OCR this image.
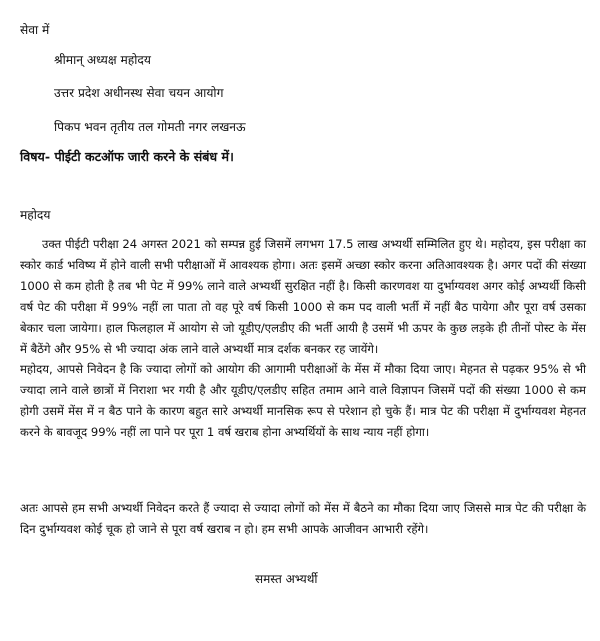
सेवा में
श्रीमान् अध्यक्ष महोदय
उत्तर प्रदेश अधीनस्थ सेवा चयन आयोग
पिकप भवन तृतीय तल गोमती नगर लखनऊ
विषय- पीईटी कटऑफ जारी करने के संबंध में।
महोदय

उक्त पीईटी परीक्षा 24 अगस्त 2021 को सम्पन्न हुई जिसमें लगभग 17.5 लाख अभ्यर्थी सम्मिलित हुए थे। महोदय, इस परीक्षा का स्कोर कार्ड भविष्य में होने वाली सभी परीक्षाओं में आवश्यक होगा। अतः इसमें अच्छा स्कोर करना अतिआवश्यक है। अगर पदों की संख्या 1000 से कम होती है तब भी पेट में 99% लाने वाले अभ्यर्थी सुरक्षित नहीं है। किसी कारणवश या दुर्भाग्यवश अगर कोई अभ्यर्थी किसी वर्ष पेट की परीक्षा में 99% नहीं ला पाता तो वह पूरे वर्ष किसी 1000 से कम पद वाली भर्ती में नहीं बैठ पायेगा और पूरा वर्ष उसका बेकार चला जायेगा। हाल फिलहाल में आयोग से जो यूडीए/एलडीए की भर्ती आयी है उसमें भी ऊपर के कुछ लड़के ही तीनों पोस्ट के मेंस में बैठेंगे और 95% से भी ज्यादा अंक लाने वाले अभ्यर्थी मात्र दर्शक बनकर रह जायेंगे।

महोदय, आपसे निवेदन है कि ज्यादा लोगों को आयोग की आगामी परीक्षाओं के मेंस में मौका दिया जाए। मेहनत से पढ़कर 95% से भी ज्यादा लाने वाले छात्रों में निराशा भर गयी है और यूडीए/एलडीए सहित तमाम आने वाले विज्ञापन जिसमें पदों की संख्या 1000 से कम होगी उसमें मेंस में न बैठ पाने के कारण बहुत सारे अभ्यर्थी मानसिक रूप से परेशान हो चुके हैं। मात्र पेट की परीक्षा में दुर्भाग्यवश मेहनत करने के बावजूद 99% नहीं ला पाने पर पूरा 1 वर्ष खराब होना अभ्यर्थियों के साथ न्याय नहीं होगा।

अतः आपसे हम सभी अभ्यर्थी निवेदन करते हैं ज्यादा से ज्यादा लोगों को मेंस में बैठने का मौका दिया जाए जिससे मात्र पेट की परीक्षा के दिन दुर्भाग्यवश कोई चूक हो जाने से पूरा वर्ष खराब न हो। हम सभी आपके आजीवन आभारी रहेंगे।

समस्त अभ्यर्थी
